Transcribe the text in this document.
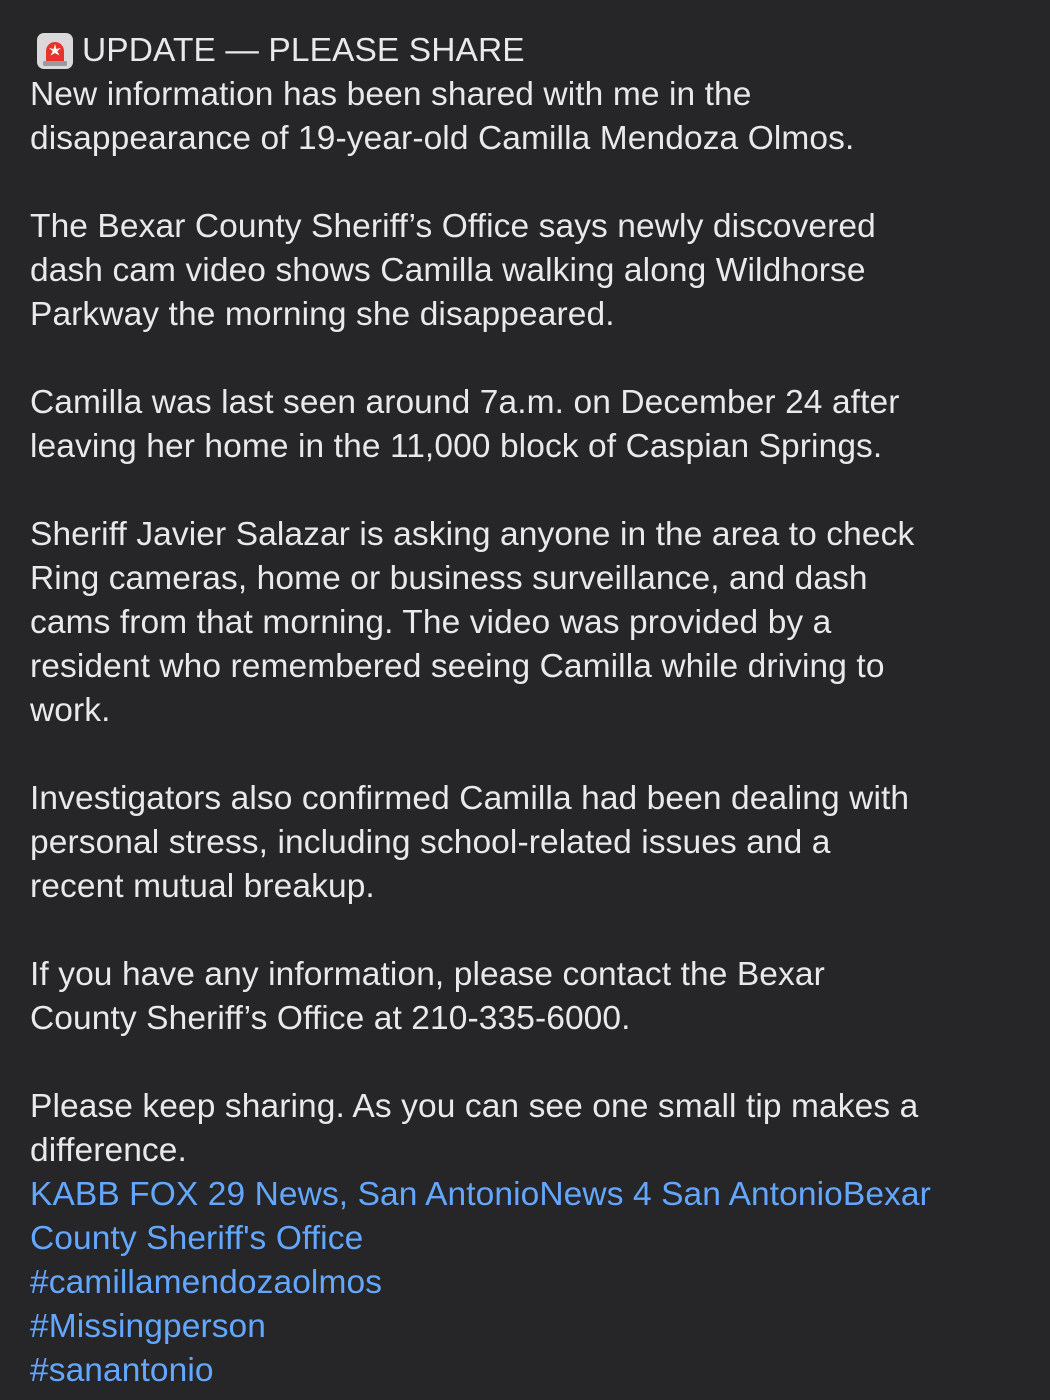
UPDATE — PLEASE SHARE
New information has been shared with me in the
disappearance of 19-year-old Camilla Mendoza Olmos.
The Bexar County Sheriff’s Office says newly discovered
dash cam video shows Camilla walking along Wildhorse
Parkway the morning she disappeared.
Camilla was last seen around 7a.m. on December 24 after
leaving her home in the 11,000 block of Caspian Springs.
Sheriff Javier Salazar is asking anyone in the area to check
Ring cameras, home or business surveillance, and dash
cams from that morning. The video was provided by a
resident who remembered seeing Camilla while driving to
work.
Investigators also confirmed Camilla had been dealing with
personal stress, including school-related issues and a
recent mutual breakup.
If you have any information, please contact the Bexar
County Sheriff’s Office at 210-335-6000.
Please keep sharing. As you can see one small tip makes a
difference.
KABB FOX 29 News, San AntonioNews 4 San AntonioBexar
County Sheriff's Office
#camillamendozaolmos
#Missingperson
#sanantonio
